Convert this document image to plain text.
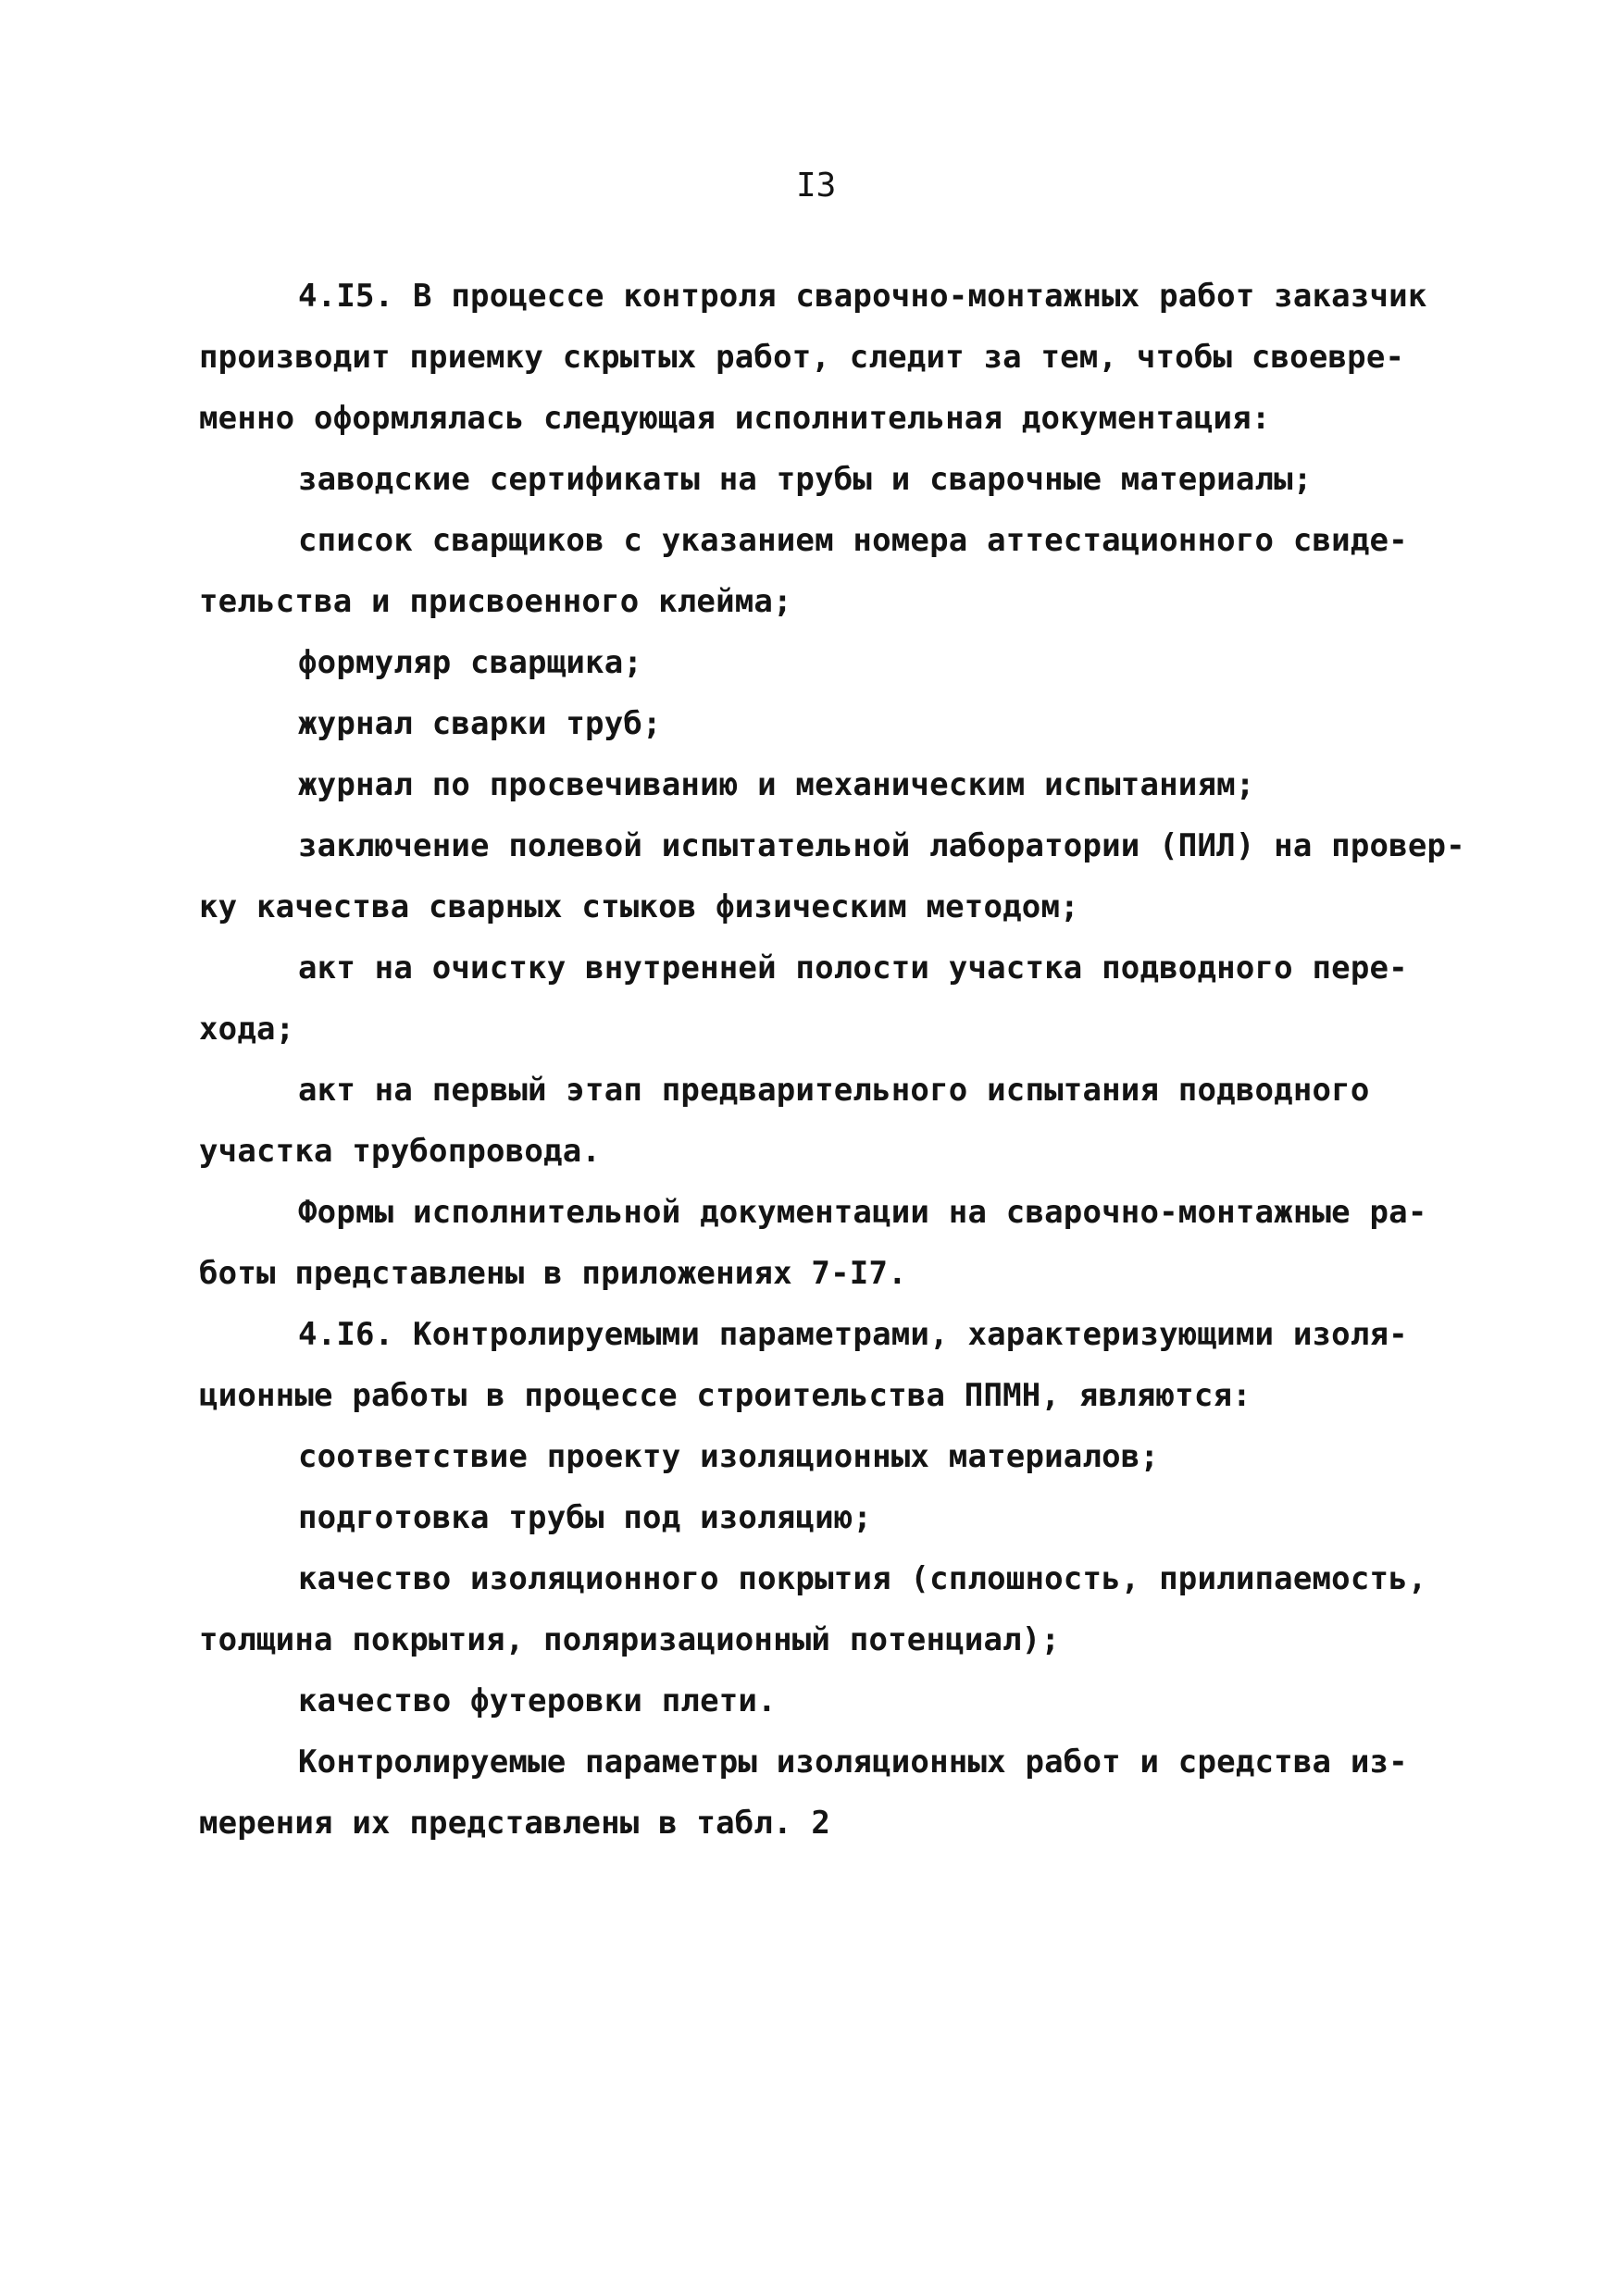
I3
4.I5. В процессе контроля сварочно-монтажных работ заказчик
производит приемку скрытых работ, следит за тем, чтобы своевре-
менно оформлялась следующая исполнительная документация:
заводские сертификаты на трубы и сварочные материалы;
список сварщиков с указанием номера аттестационного свиде-
тельства и присвоенного клейма;
формуляр сварщика;
журнал сварки труб;
журнал по просвечиванию и механическим испытаниям;
заключение полевой испытательной лаборатории (ПИЛ) на провер-
ку качества сварных стыков физическим методом;
акт на очистку внутренней полости участка подводного пере-
хода;
акт на первый этап предварительного испытания подводного
участка трубопровода.
Формы исполнительной документации на сварочно-монтажные ра-
боты представлены в приложениях 7-I7.
4.I6. Контролируемыми параметрами, характеризующими изоля-
ционные работы в процессе строительства ППМН, являются:
соответствие проекту изоляционных материалов;
подготовка трубы под изоляцию;
качество изоляционного покрытия (сплошность, прилипаемость,
толщина покрытия, поляризационный потенциал);
качество футеровки плети.
Контролируемые параметры изоляционных работ и средства из-
мерения их представлены в табл. 2
